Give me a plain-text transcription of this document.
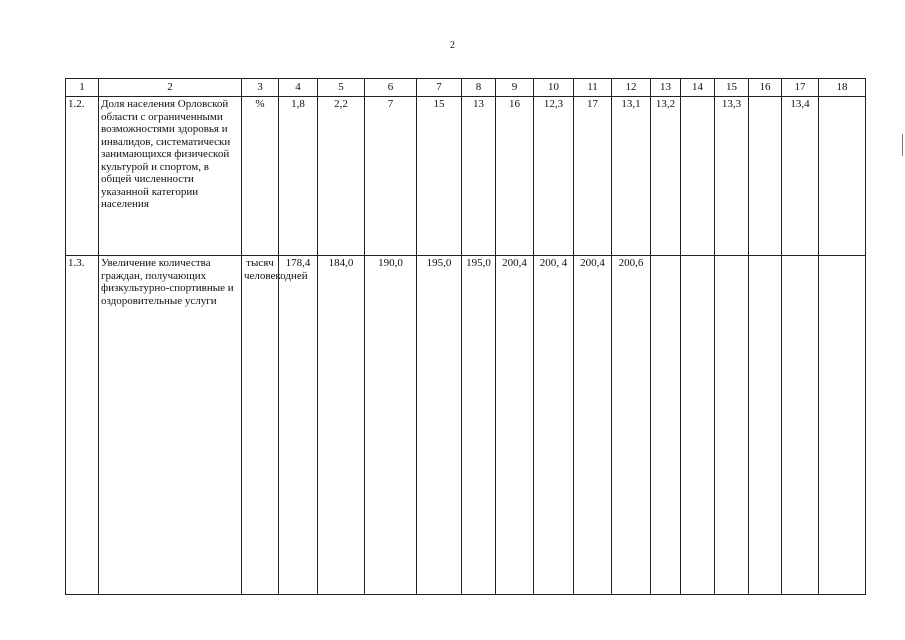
2
1	2	3	4	5	6	7	8	9	10	11	12	13	14	15	16	17	18
1.2.	Доля населения Орловской области с ограниченными возможностями здоровья и инвалидов, систематически занимающихся физической культурой и спортом, в общей численности указанной категории населения	%	1,8	2,2	7	15	13	16	12,3	17	13,1	13,2		13,3		13,4	
1.3.	Увеличение количества граждан, получающих физкультурно-спортивные и оздоровительные услуги	тысяч человекодней	178,4	184,0	190,0	195,0	195,0	200,4	200, 4	200,4	200,6						
